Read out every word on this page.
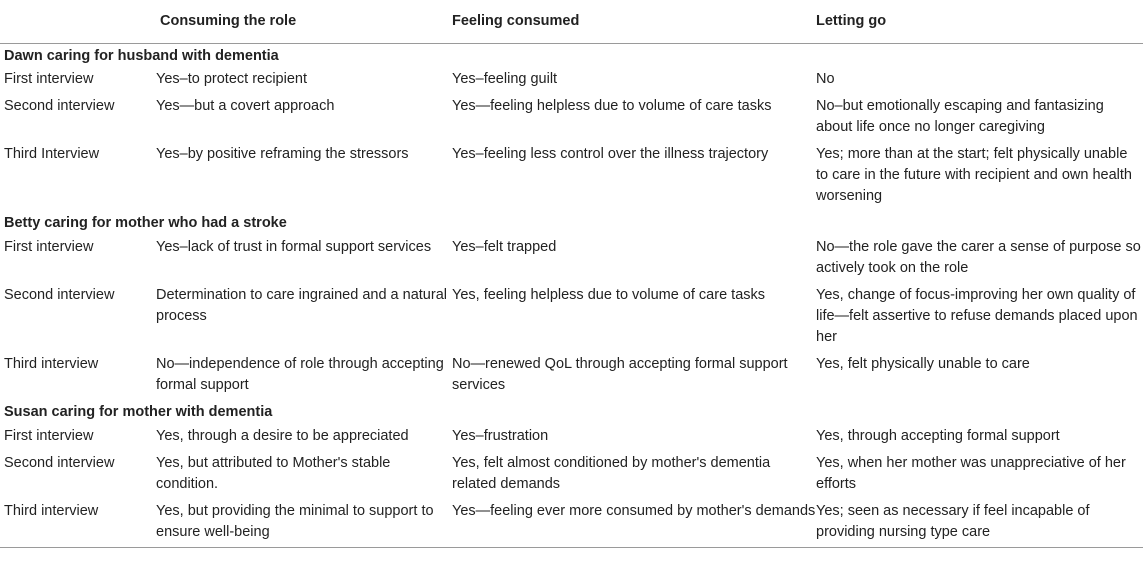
	Consuming the role	Feeling consumed	Letting go
Dawn caring for husband with dementia			
First interview	Yes–to protect recipient	Yes–feeling guilt	No
Second interview	Yes—but a covert approach	Yes—feeling helpless due to volume of care tasks	No–but emotionally escaping and fantasizing about life once no longer caregiving
Third Interview	Yes–by positive reframing the stressors	Yes–feeling less control over the illness trajectory	Yes; more than at the start; felt physically unable to care in the future with recipient and own health worsening
Betty caring for mother who had a stroke			
First interview	Yes–lack of trust in formal support services	Yes–felt trapped	No—the role gave the carer a sense of purpose so actively took on the role
Second interview	Determination to care ingrained and a natural process	Yes, feeling helpless due to volume of care tasks	Yes, change of focus-improving her own quality of life—felt assertive to refuse demands placed upon her
Third interview	No—independence of role through accepting formal support	No—renewed QoL through accepting formal support services	Yes, felt physically unable to care
Susan caring for mother with dementia			
First interview	Yes, through a desire to be appreciated	Yes–frustration	Yes, through accepting formal support
Second interview	Yes, but attributed to Mother's stable condition.	Yes, felt almost conditioned by mother's dementia related demands	Yes, when her mother was unappreciative of her efforts
Third interview	Yes, but providing the minimal to support to ensure well-being	Yes—feeling ever more consumed by mother's demands	Yes; seen as necessary if feel incapable of providing nursing type care
